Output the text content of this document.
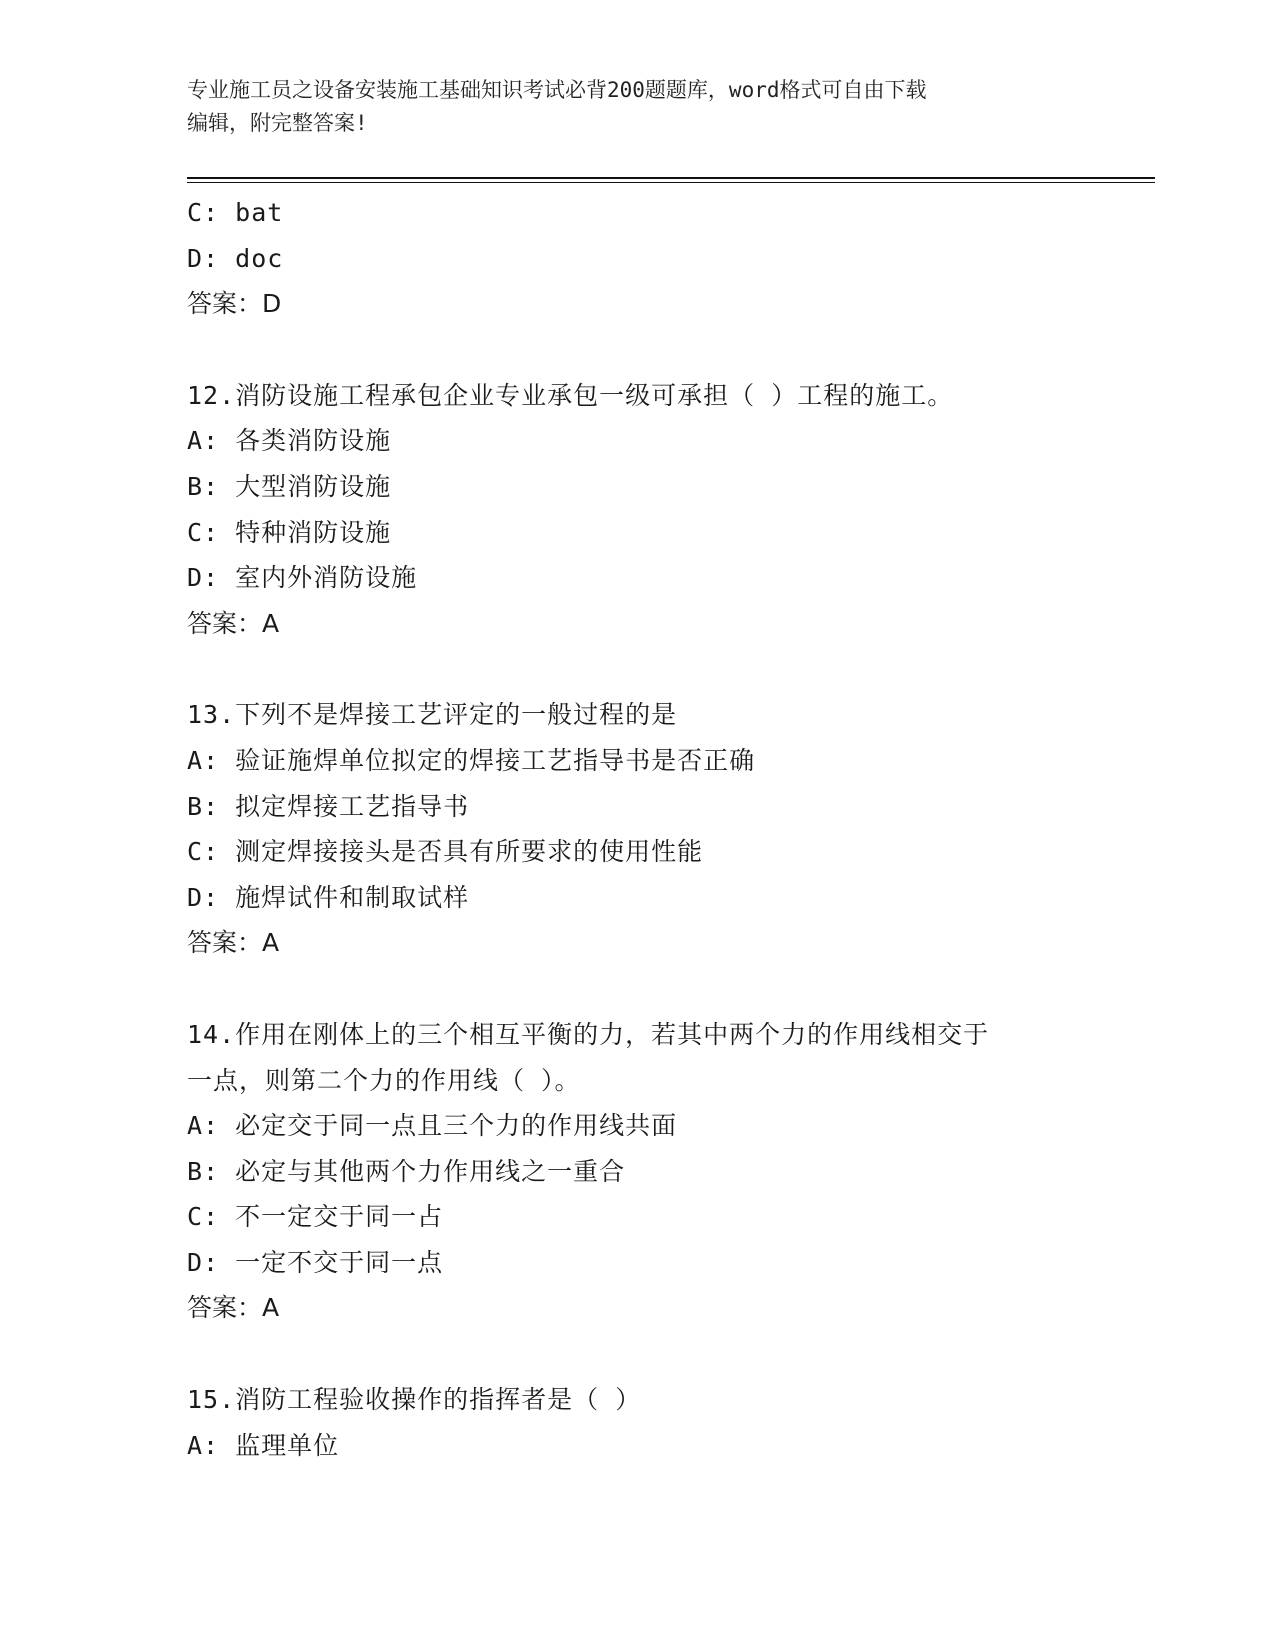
专业施工员之设备安装施工基础知识考试必背200题题库，word格式可自由下载
编辑，附完整答案!
C: bat
D: doc
答案：D
12.消防设施工程承包企业专业承包一级可承担（ ）工程的施工。
A: 各类消防设施
B: 大型消防设施
C: 特种消防设施
D: 室内外消防设施
答案：A
13.下列不是焊接工艺评定的一般过程的是
A: 验证施焊单位拟定的焊接工艺指导书是否正确
B: 拟定焊接工艺指导书
C: 测定焊接接头是否具有所要求的使用性能
D: 施焊试件和制取试样
答案：A
14.作用在刚体上的三个相互平衡的力，若其中两个力的作用线相交于
一点，则第二个力的作用线（ ）。
A: 必定交于同一点且三个力的作用线共面
B: 必定与其他两个力作用线之一重合
C: 不一定交于同一占
D: 一定不交于同一点
答案：A
15.消防工程验收操作的指挥者是（ ）
A: 监理单位
